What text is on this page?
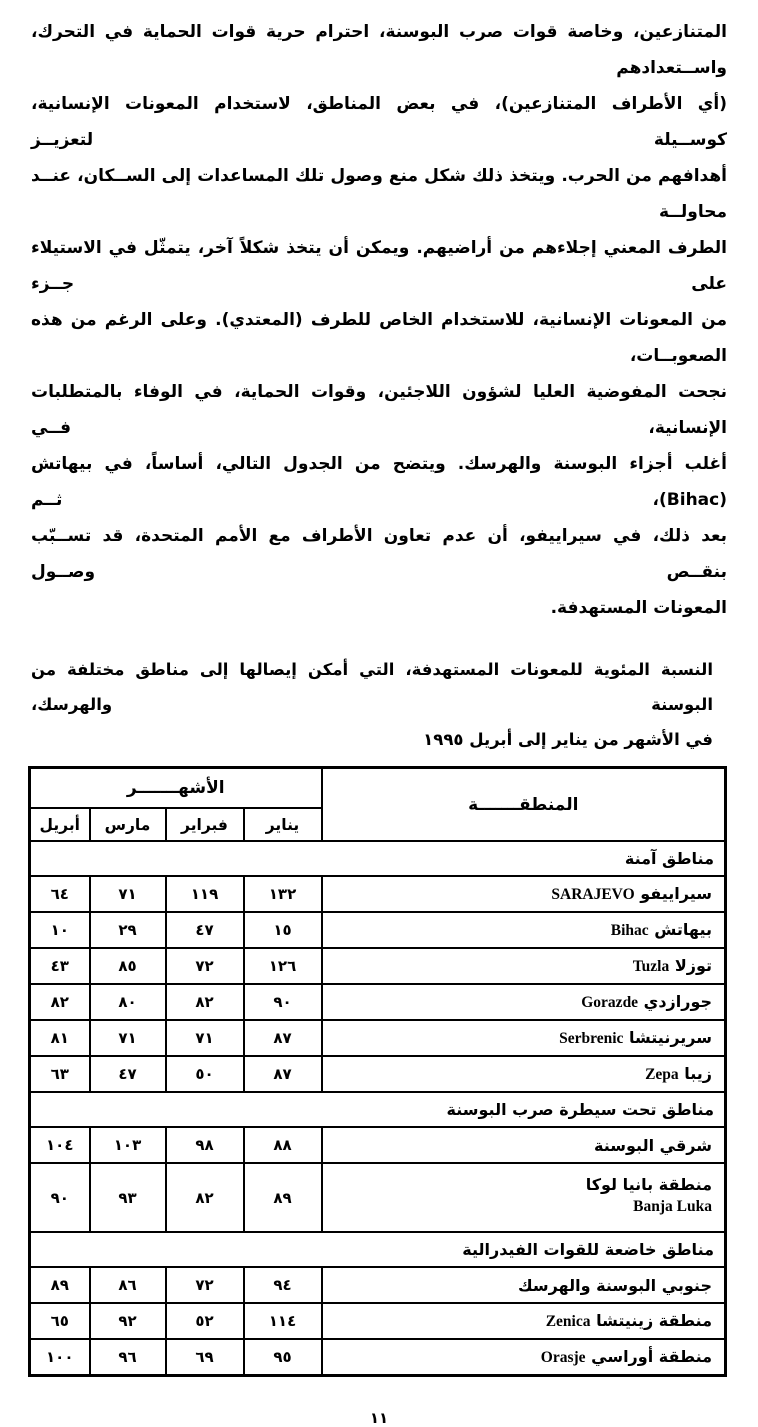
المتنازعين، وخاصة قوات صرب البوسنة، احترام حرية قوات الحماية في التحرك، واســتعدادهم
(أي الأطراف المتنازعين)، في بعض المناطق، لاستخدام المعونات الإنسانية، كوســيلة لتعزيــز
أهدافهم من الحرب. ويتخذ ذلك شكل منع وصول تلك المساعدات إلى الســكان، عنــد محاولــة
الطرف المعني إجلاءهم من أراضيهم. ويمكن أن يتخذ شكلاً آخر، يتمثّل في الاستيلاء على جــزء
من المعونات الإنسانية، للاستخدام الخاص للطرف (المعتدي). وعلى الرغم من هذه الصعوبــات،
نجحت المفوضية العليا لشؤون اللاجئين، وقوات الحماية، في الوفاء بالمتطلبات الإنسانية، فــي
أغلب أجزاء البوسنة والهرسك. ويتضح من الجدول التالي، أساساً، في بيهاتش (Bihac)، ثــم
بعد ذلك، في سيراييفو، أن عدم تعاون الأطراف مع الأمم المتحدة، قد تســبّب بنقــص وصــول
المعونات المستهدفة.
النسبة المئوية للمعونات المستهدفة، التي أمكن إيصالها إلى مناطق مختلفة من البوسنة والهرسك،
في الأشهر من يناير إلى أبريل ١٩٩٥
المنطقـــــــة	الأشهـــــــر			
	يناير	فبراير	مارس	أبريل
مناطق آمنة				
سيراييفو SARAJEVO	١٣٢	١١٩	٧١	٦٤
بيهاتش Bihac	١٥	٤٧	٢٩	١٠
توزلا Tuzla	١٢٦	٧٢	٨٥	٤٣
جورازدي Gorazde	٩٠	٨٢	٨٠	٨٢
سريرنيتشا Serbrenic	٨٧	٧١	٧١	٨١
زيبا Zepa	٨٧	٥٠	٤٧	٦٣
مناطق تحت سيطرة صرب البوسنة				
شرقي البوسنة	٨٨	٩٨	١٠٣	١٠٤
منطقة بانيا لوكا
Banja Luka	٨٩	٨٢	٩٣	٩٠
مناطق خاضعة للقوات الفيدرالية				
جنوبي البوسنة والهرسك	٩٤	٧٢	٨٦	٨٩
منطقة زينيتشا Zenica	١١٤	٥٢	٩٢	٦٥
منطقة أوراسي Orasje	٩٥	٦٩	٩٦	١٠٠
١١
